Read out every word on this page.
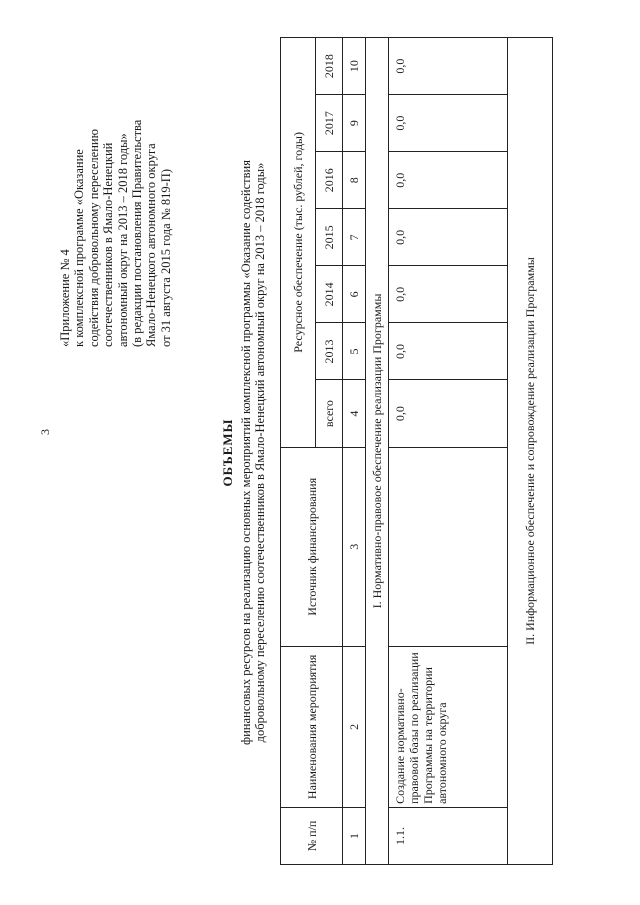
3
«Приложение № 4 к комплексной программе «Оказание содействия добровольному переселению соотечественников в Ямало-Ненецкий автономный округ на 2013 – 2018 годы» (в редакции постановления Правительства Ямало-Ненецкого автономного округа от 31 августа 2015 года № 819-П)
ОБЪЕМЫ финансовых ресурсов на реализацию основных мероприятий комплексной программы «Оказание содействия добровольному переселению соотечественников в Ямало-Ненецкий автономный округ на 2013 – 2018 годы»
№ п/п	Наименования мероприятия	Источник финансирования	Ресурсное обеспечение (тыс. рублей, годы)						
			всего	2013	2014	2015	2016	2017	2018
1	2	3	4	5	6	7	8	9	10
I. Нормативно-правовое обеспечение реализации Программы									
1.1.	Создание нормативно-правовой базы по реализации Программы на территории автономного округа		0,0	0,0	0,0	0,0	0,0	0,0	0,0
II. Информационное обеспечение и сопровождение реализации Программы									
